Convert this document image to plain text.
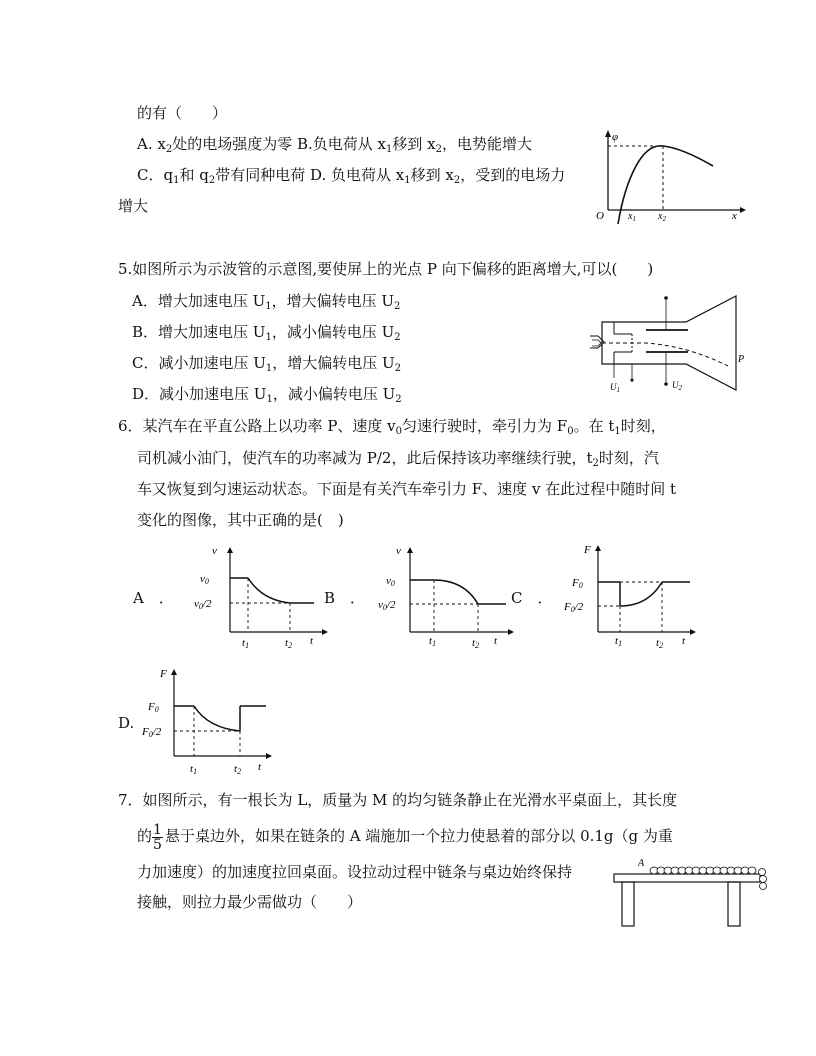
的有（　　）
A. $x_2$处的电场强度为零 B.负电荷从 $x_1$移到 $x_2$，电势能增大
C．$q_1$和 $q_2$带有同种电荷 D. 负电荷从 $x_1$移到 $x_2$，受到的电场力
增大
φ
O $x_1$ $x_2$	x
5.如图所示为示波管的示意图,要使屏上的光点 P 向下偏移的距离增大,可以(　　)
A．增大加速电压 $U_1$，增大偏转电压 $U_2$
B．增大加速电压 $U_1$，减小偏转电压 $U_2$
C．减小加速电压 $U_1$，增大偏转电压 $U_2$
D．减小加速电压 $U_1$，减小偏转电压 $U_2$
P
$U_1$	$U_2$
6．某汽车在平直公路上以功率 P、速度 $v_0$匀速行驶时，牵引力为 $F_0$。在 $t_1$时刻，
司机减小油门，使汽车的功率减为 P/2，此后保持该功率继续行驶，$t_2$时刻，汽
车又恢复到匀速运动状态。下面是有关汽车牵引力 F、速度 v 在此过程中随时间 t
变化的图像，其中正确的是(　)
A　．	B　．	C　．
D.
v
v0
v0/2
t1	t2 t
v
v0
v0/2
t1	t2 t
F
F0
F0/2
t1	t2 t
F
F0
F0/2
t1	t2 t
7．如图所示，有一根长为 L，质量为 M 的均匀链条静止在光滑水平桌面上，其长度
的 $\frac{1}{5}$ 悬于桌边外，如果在链条的 A 端施加一个拉力使悬着的部分以 0.1g（g 为重
力加速度）的加速度拉回桌面。设拉动过程中链条与桌边始终保持
接触，则拉力最少需做功（　　）
A
